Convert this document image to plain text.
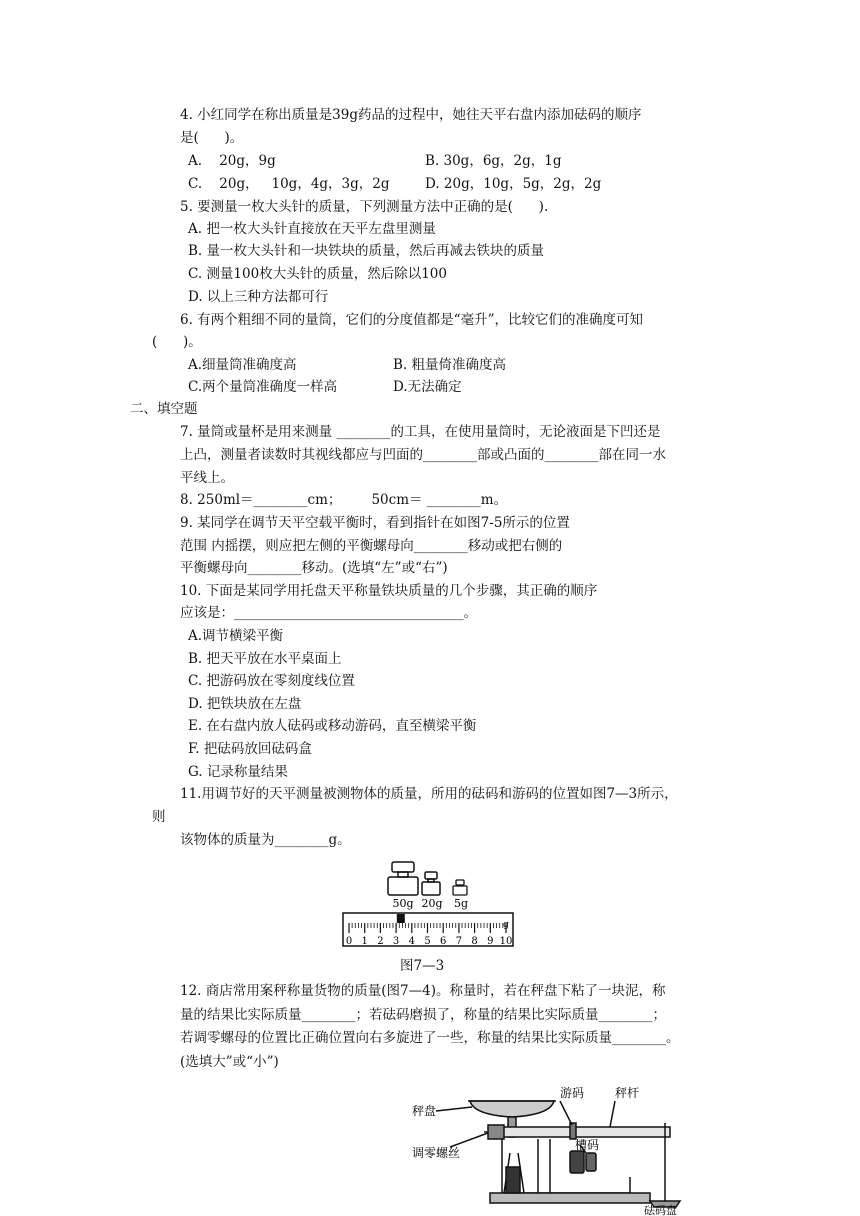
4. 小红同学在称出质量是39g药品的过程中，她往天平右盘内添加砝码的顺序
是(      )。
A.    20g，9g	B. 30g，6g，2g，1g
C.    20g，   10g，4g，3g，2g	D. 20g，10g，5g，2g，2g
5. 要测量一枚大头针的质量，下列测量方法中正确的是(      ).
A. 把一枚大头针直接放在天平左盘里测量
B. 量一枚大头针和一块铁块的质量，然后再减去铁块的质量
C. 测量100枚大头针的质量，然后除以100
D. 以上三种方法都可行
6. 有两个粗细不同的量筒，它们的分度值都是“毫升”，比较它们的准确度可知
(      )。
A.细量筒准确度高	B. 粗量倚准确度高
C.两个量筒准确度一样高	D.无法确定
二、填空题
7. 量筒或量杯是用来测量 ________的工具，在使用量筒时，无论液面是下凹还是
上凸，测量者读数时其视线都应与凹面的________部或凸面的________部在同一水
平线上。
8. 250ml＝________cm；       50cm＝ ________m。
9. 某同学在调节天平空载平衡时，看到指针在如图7-5所示的位置
范围 内摇摆，则应把左侧的平衡螺母向________移动或把右侧的
平衡螺母向________移动。(选填“左”或“右”)
10. 下面是某同学用托盘天平称量铁块质量的几个步骤，其正确的顺序
应该是：__________________________________。
A.调节横梁平衡
B. 把天平放在水平桌面上
C. 把游码放在零刻度线位置
D. 把铁块放在左盘
E. 在右盘内放人砝码或移动游码，直至横梁平衡
F. 把砝码放回砝码盒
G. 记录称量结果
11.用调节好的天平测量被测物体的质量，所用的砝码和游码的位置如图7—3所示，
则
该物体的质量为________g。
50g 20g 5g
0 1 2 3 4 5 6 7 8 9 10
g
图7—3
12. 商店常用案秤称量货物的质量(图7—4)。称量时，若在秤盘下粘了一块泥，称
量的结果比实际质量________；若砝码磨损了，称量的结果比实际质量________；
若调零螺母的位置比正确位置向右多旋进了一些，称量的结果比实际质量________。
(选填大”或“小”)
秤盘
游码	秤杆
槽码
调零螺丝
砝码盘
